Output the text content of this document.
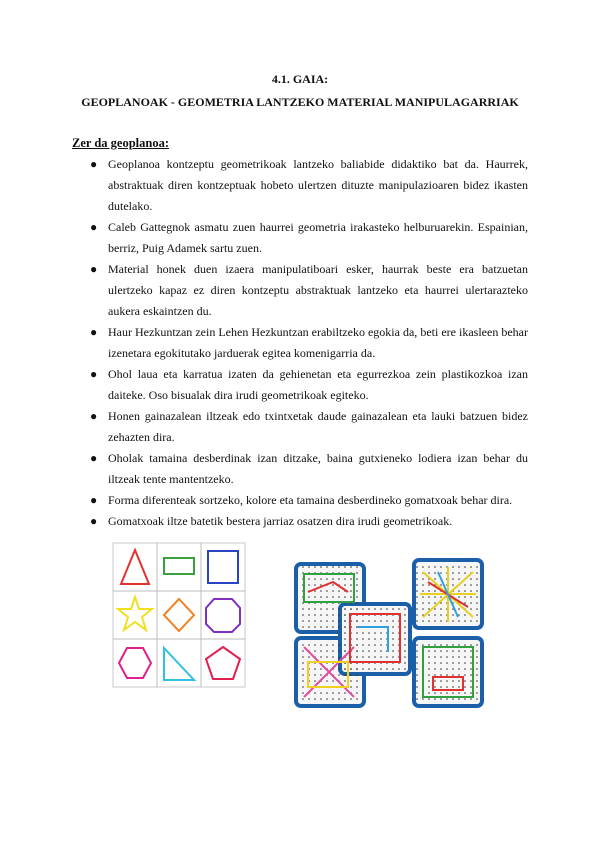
4.1. GAIA:
GEOPLANOAK - GEOMETRIA LANTZEKO MATERIAL MANIPULAGARRIAK
Zer da geoplanoa:
● Geoplanoa kontzeptu geometrikoak lantzeko baliabide didaktiko bat da. Haurrek, abstraktuak diren kontzeptuak hobeto ulertzen dituzte manipulazioaren bidez ikasten dutelako.
● Caleb Gattegnok asmatu zuen haurrei geometria irakasteko helburuarekin. Espainian, berriz, Puig Adamek sartu zuen.
● Material honek duen izaera manipulatiboari esker, haurrak beste era batzuetan ulertzeko kapaz ez diren kontzeptu abstraktuak lantzeko eta haurrei ulertarazteko aukera eskaintzen du.
● Haur Hezkuntzan zein Lehen Hezkuntzan erabiltzeko egokia da, beti ere ikasleen behar izenetara egokitutako jarduerak egitea komenigarria da.
● Ohol laua eta karratua izaten da gehienetan eta egurrezkoa zein plastikozkoa izan daiteke. Oso bisualak dira irudi geometrikoak egiteko.
● Honen gainazalean iltzeak edo txintxetak daude gainazalean eta lauki batzuen bidez zehazten dira.
● Oholak tamaina desberdinak izan ditzake, baina gutxieneko lodiera izan behar du iltzeak tente mantentzeko.
● Forma diferenteak sortzeko, kolore eta tamaina desberdineko gomatxoak behar dira.
● Gomatxoak iltze batetik bestera jarriaz osatzen dira irudi geometrikoak.
